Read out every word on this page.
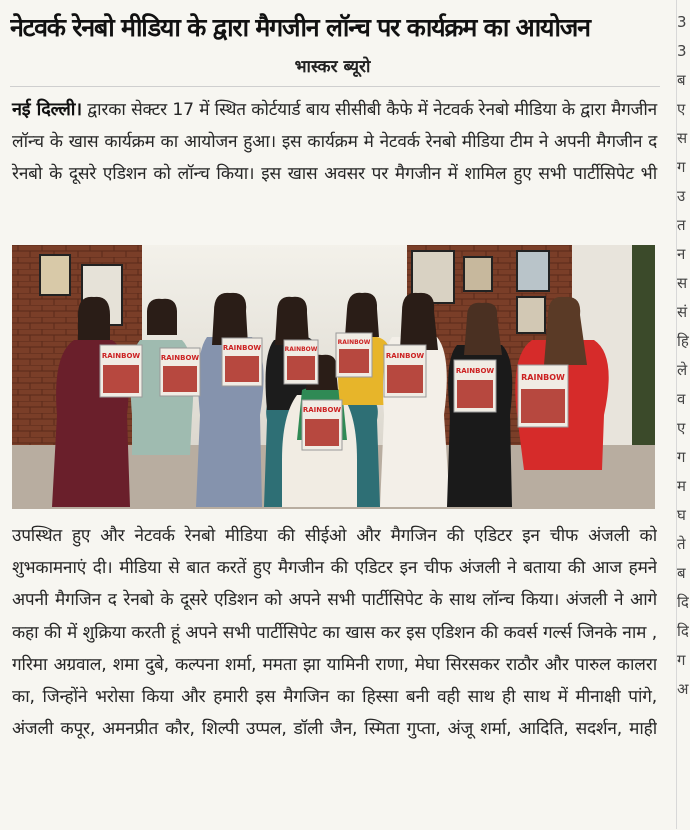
नेटवर्क रेनबो मीडिया के द्वारा मैगजीन लॉन्च पर कार्यक्रम का आयोजन
भास्कर ब्यूरो

नई दिल्ली। द्वारका सेक्टर 17 में स्थित कोर्टयार्ड बाय सीसीबी कैफे में नेटवर्क रेनबो मीडिया के द्वारा मैगजीन लॉन्च के खास कार्यक्रम का आयोजन हुआ। इस कार्यक्रम मे नेटवर्क रेनबो मीडिया टीम ने अपनी मैगजीन द रेनबो के दूसरे एडिशन को लॉन्च किया। इस खास अवसर पर मैगजीन में शामिल हुए सभी पार्टीसिपेट भी

RAINBOW	RAINBOW
RAINBOW	RAINBOW
RAINBOW
RAINBOW
RAINBOW
RAINBOW
RAINBOW

उपस्थित हुए और नेटवर्क रेनबो मीडिया की सीईओ और मैगजिन की एडिटर इन चीफ अंजली को शुभकामनाएं दी। मीडिया से बात करतें हुए मैगजीन की एडिटर इन चीफ अंजली ने बताया की आज हमने अपनी मैगजिन द रेनबो के दूसरे एडिशन को अपने सभी पार्टीसिपेट के साथ लॉन्च किया। अंजली ने आगे कहा की में शुक्रिया करती हूं अपने सभी पार्टीसिपेट का खास कर इस एडिशन की कवर्स गर्ल्स जिनके नाम , गरिमा अग्रवाल, शमा दुबे, कल्पना शर्मा, ममता झा यामिनी राणा, मेघा सिरसकर राठौर और पारुल कालरा का, जिन्होंने भरोसा किया और हमारी इस मैगजिन का हिस्सा बनी वही साथ ही साथ में मीनाक्षी पांगे, अंजली कपूर, अमनप्रीत कौर, शिल्पी उप्पल, डॉली जैन, स्मिता गुप्ता, अंजू शर्मा, आदिति, सदर्शन, माही

3 3 ब ए स ग उ त न स सं हि ले व ए ग म घ ते ब दि दि ग अ
